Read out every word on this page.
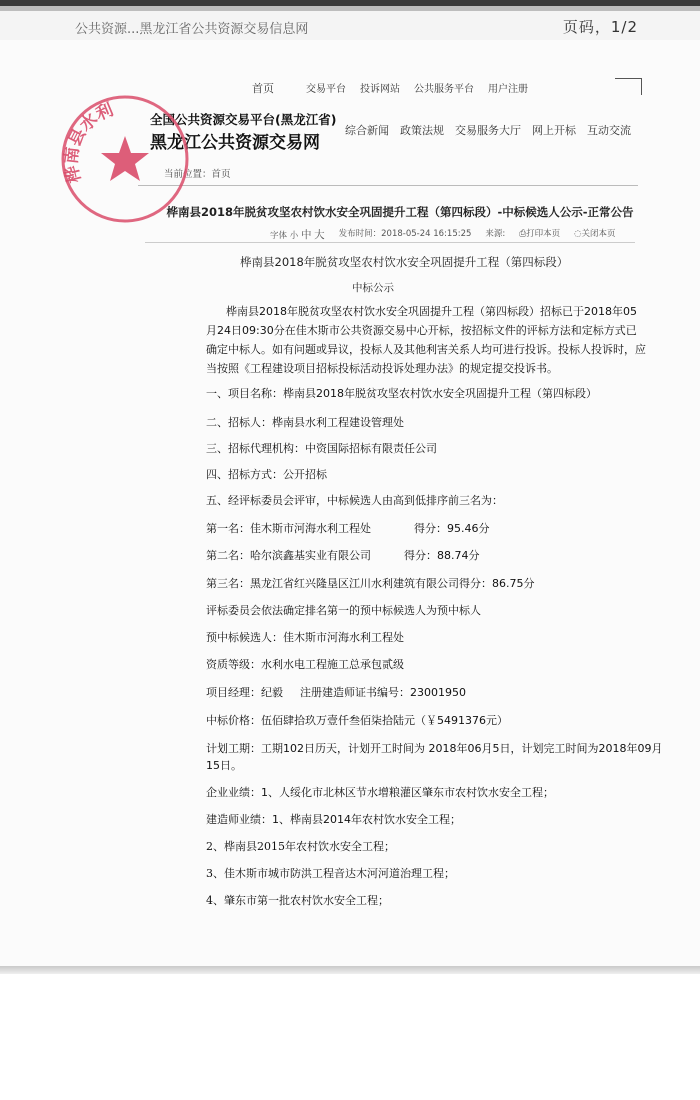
公共资源...黑龙江省公共资源交易信息网	页码，1/2
首页	交易平台 投诉网站 公共服务平台 用户注册
全国公共资源交易平台(黑龙江省)
黑龙江公共资源交易网
综合新闻 政策法规 交易服务大厅 网上开标 互动交流
当前位置：首页
桦南县2018年脱贫攻坚农村饮水安全巩固提升工程（第四标段）-中标候选人公示-正常公告
字体 小 中 大 发布时间：2018-05-24 16:15:25 来源: ⎙打印本页 ◌关闭本页
桦南县2018年脱贫攻坚农村饮水安全巩固提升工程（第四标段）
中标公示
桦南县2018年脱贫攻坚农村饮水安全巩固提升工程（第四标段）招标已于2018年05月24日09:30分在佳木斯市公共资源交易中心开标，按招标文件的评标方法和定标方式已确定中标人。如有问题或异议，投标人及其他利害关系人均可进行投诉。投标人投诉时，应当按照《工程建设项目招标投标活动投诉处理办法》的规定提交投诉书。
一、项目名称：桦南县2018年脱贫攻坚农村饮水安全巩固提升工程（第四标段）
二、招标人：桦南县水利工程建设管理处
三、招标代理机构：中资国际招标有限责任公司
四、招标方式：公开招标
五、经评标委员会评审，中标候选人由高到低排序前三名为：
第一名：佳木斯市河海水利工程处	得分：95.46分
第二名：哈尔滨鑫基实业有限公司	得分：88.74分
第三名：黑龙江省红兴隆垦区江川水利建筑有限公司得分：86.75分
评标委员会依法确定排名第一的预中标候选人为预中标人
预中标候选人：佳木斯市河海水利工程处
资质等级：水利水电工程施工总承包贰级
项目经理：纪毅 注册建造师证书编号：23001950
中标价格：伍佰肆拾玖万壹仟叁佰柒拾陆元（￥5491376元）
计划工期：工期102日历天，计划开工时间为 2018年06月5日，计划完工时间为2018年09月
15日。
企业业绩：1、人绥化市北林区节水增粮灌区肇东市农村饮水安全工程；
建造师业绩：1、桦南县2014年农村饮水安全工程；
2、桦南县2015年农村饮水安全工程；
3、佳木斯市城市防洪工程音达木河河道治理工程；
4、肇东市第一批农村饮水安全工程；
桦南县水利
